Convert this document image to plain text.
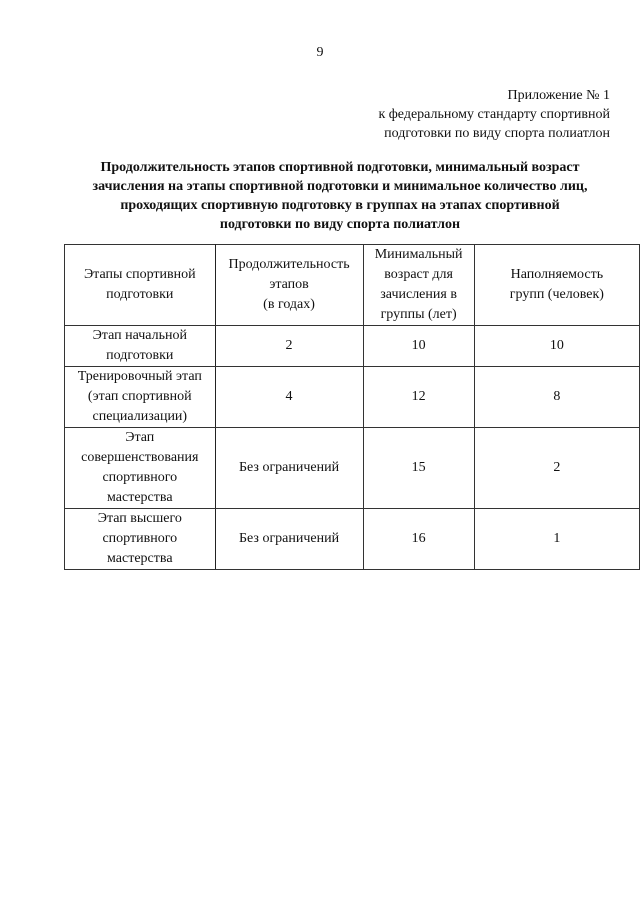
9
Приложение № 1
к федеральному стандарту спортивной
подготовки по виду спорта полиатлон
Продолжительность этапов спортивной подготовки, минимальный возраст
зачисления на этапы спортивной подготовки и минимальное количество лиц,
проходящих спортивную подготовку в группах на этапах спортивной
подготовки по виду спорта полиатлон
Этапы спортивной
подготовки	Продолжительность
этапов
(в годах)	Минимальный
возраст для
зачисления в
группы (лет)	Наполняемость
групп (человек)

Этап начальной
подготовки	2	10	10

Тренировочный этап
(этап спортивной
специализации)	4	12	8

Этап
совершенствования
спортивного
мастерства	Без ограничений	15	2

Этап высшего
спортивного
мастерства	Без ограничений	16	1
